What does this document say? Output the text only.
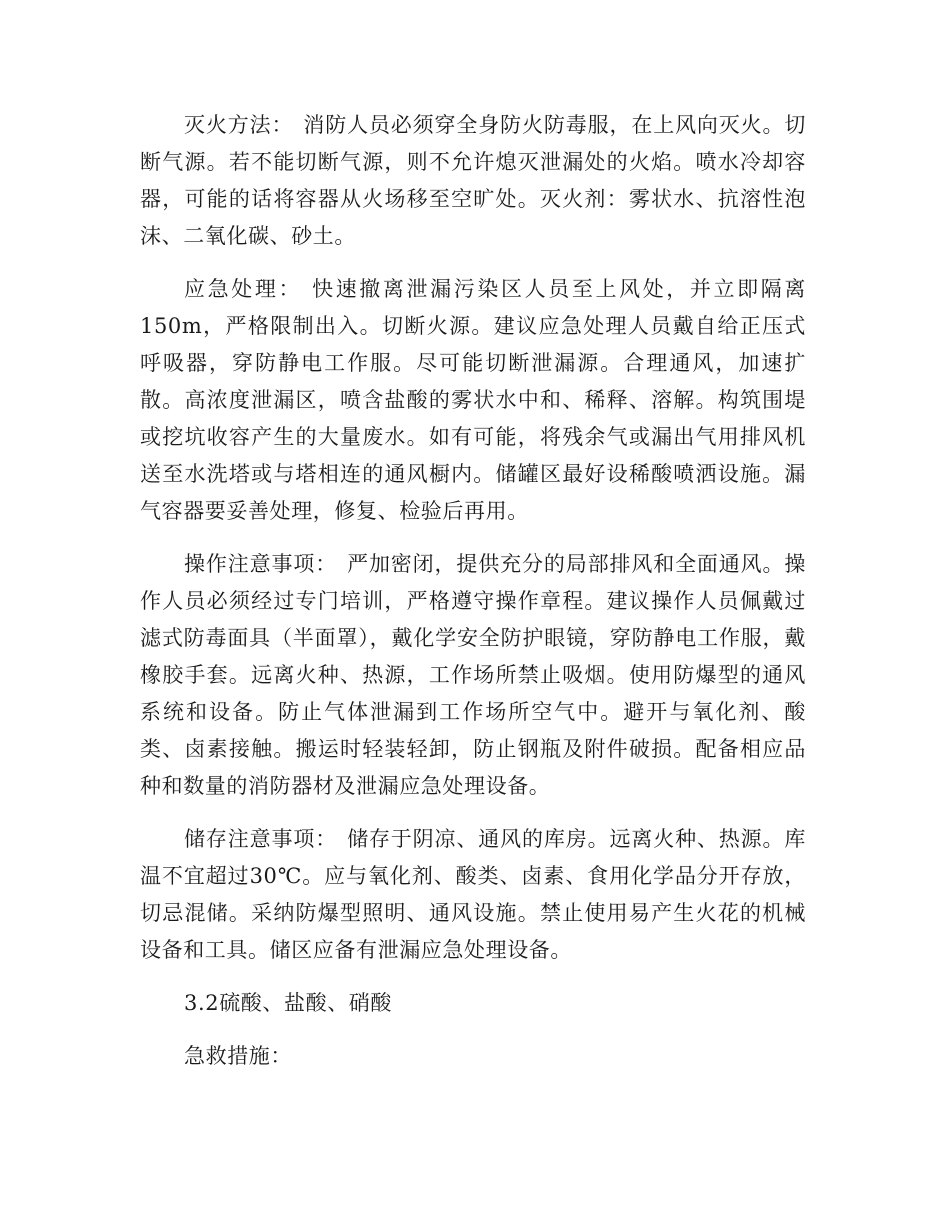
灭火方法： 消防人员必须穿全身防火防毒服，在上风向灭火。切断气源。若不能切断气源，则不允许熄灭泄漏处的火焰。喷水冷却容器，可能的话将容器从火场移至空旷处。灭火剂：雾状水、抗溶性泡沫、二氧化碳、砂土。

应急处理： 快速撤离泄漏污染区人员至上风处，并立即隔离150m，严格限制出入。切断火源。建议应急处理人员戴自给正压式呼吸器，穿防静电工作服。尽可能切断泄漏源。合理通风，加速扩散。高浓度泄漏区，喷含盐酸的雾状水中和、稀释、溶解。构筑围堤或挖坑收容产生的大量废水。如有可能，将残余气或漏出气用排风机送至水洗塔或与塔相连的通风橱内。储罐区最好设稀酸喷洒设施。漏气容器要妥善处理，修复、检验后再用。

操作注意事项： 严加密闭，提供充分的局部排风和全面通风。操作人员必须经过专门培训，严格遵守操作章程。建议操作人员佩戴过滤式防毒面具（半面罩），戴化学安全防护眼镜，穿防静电工作服，戴橡胶手套。远离火种、热源，工作场所禁止吸烟。使用防爆型的通风系统和设备。防止气体泄漏到工作场所空气中。避开与氧化剂、酸类、卤素接触。搬运时轻装轻卸，防止钢瓶及附件破损。配备相应品种和数量的消防器材及泄漏应急处理设备。

储存注意事项： 储存于阴凉、通风的库房。远离火种、热源。库温不宜超过30℃。应与氧化剂、酸类、卤素、食用化学品分开存放，切忌混储。采纳防爆型照明、通风设施。禁止使用易产生火花的机械设备和工具。储区应备有泄漏应急处理设备。

3.2硫酸、盐酸、硝酸

急救措施：
